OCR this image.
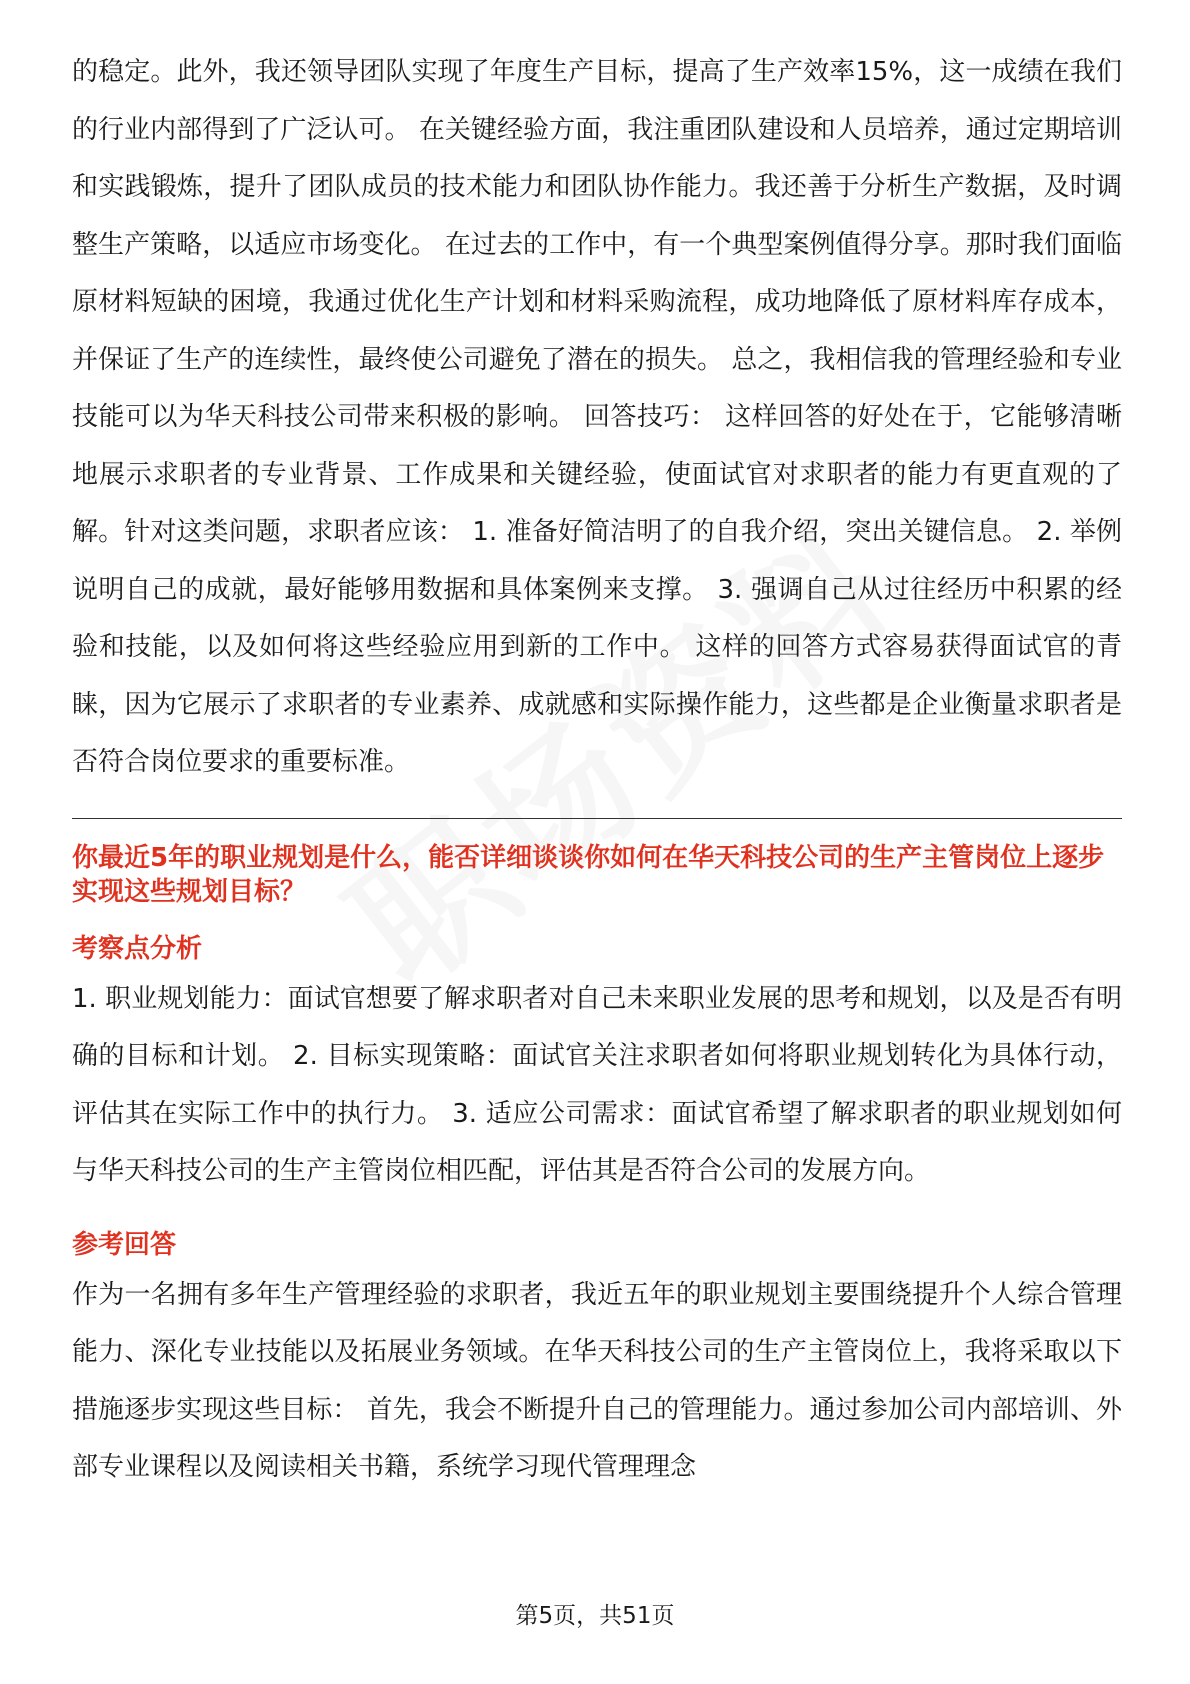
的稳定。此外，我还领导团队实现了年度生产目标，提高了生产效率15%，这一成绩在我们的行业内部得到了广泛认可。 在关键经验方面，我注重团队建设和人员培养，通过定期培训和实践锻炼，提升了团队成员的技术能力和团队协作能力。我还善于分析生产数据，及时调整生产策略，以适应市场变化。 在过去的工作中，有一个典型案例值得分享。那时我们面临原材料短缺的困境，我通过优化生产计划和材料采购流程，成功地降低了原材料库存成本，并保证了生产的连续性，最终使公司避免了潜在的损失。 总之，我相信我的管理经验和专业技能可以为华天科技公司带来积极的影响。 回答技巧： 这样回答的好处在于，它能够清晰地展示求职者的专业背景、工作成果和关键经验，使面试官对求职者的能力有更直观的了解。针对这类问题，求职者应该： 1. 准备好简洁明了的自我介绍，突出关键信息。 2. 举例说明自己的成就，最好能够用数据和具体案例来支撑。 3. 强调自己从过往经历中积累的经验和技能，以及如何将这些经验应用到新的工作中。 这样的回答方式容易获得面试官的青睐，因为它展示了求职者的专业素养、成就感和实际操作能力，这些都是企业衡量求职者是否符合岗位要求的重要标准。

你最近5年的职业规划是什么，能否详细谈谈你如何在华天科技公司的生产主管岗位上逐步实现这些规划目标？

考察点分析

1. 职业规划能力：面试官想要了解求职者对自己未来职业发展的思考和规划，以及是否有明确的目标和计划。 2. 目标实现策略：面试官关注求职者如何将职业规划转化为具体行动，评估其在实际工作中的执行力。 3. 适应公司需求：面试官希望了解求职者的职业规划如何与华天科技公司的生产主管岗位相匹配，评估其是否符合公司的发展方向。

参考回答

作为一名拥有多年生产管理经验的求职者，我近五年的职业规划主要围绕提升个人综合管理能力、深化专业技能以及拓展业务领域。在华天科技公司的生产主管岗位上，我将采取以下措施逐步实现这些目标： 首先，我会不断提升自己的管理能力。通过参加公司内部培训、外部专业课程以及阅读相关书籍，系统学习现代管理理念

第5页，共51页
